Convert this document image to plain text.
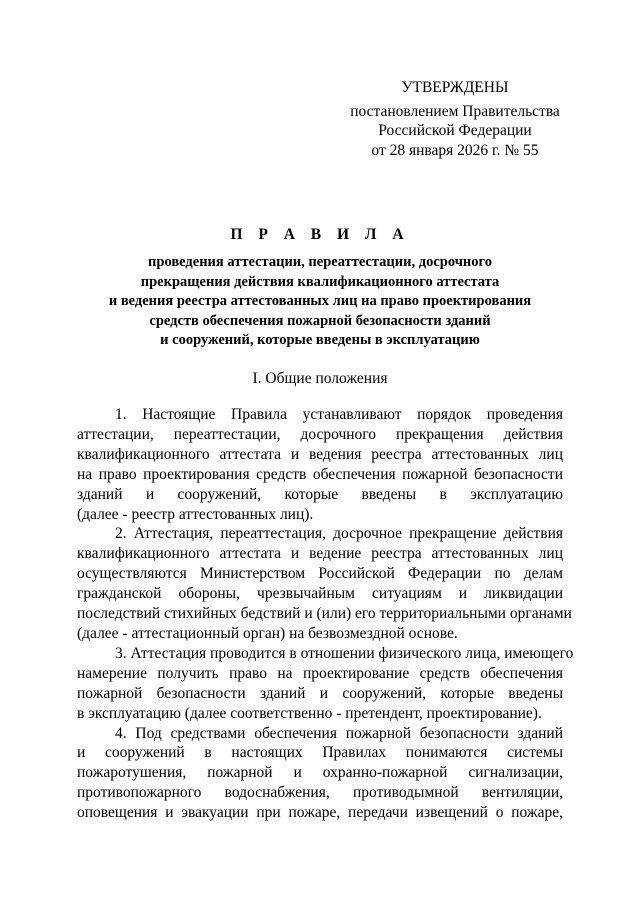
УТВЕРЖДЕНЫ
постановлением Правительства
Российской Федерации
от 28 января 2026 г. № 55
П Р А В И Л А
проведения аттестации, переаттестации, досрочного
прекращения действия квалификационного аттестата
и ведения реестра аттестованных лиц на право проектирования
средств обеспечения пожарной безопасности зданий
и сооружений, которые введены в эксплуатацию
I. Общие положения

1. Настоящие Правила устанавливают порядок проведения
аттестации, переаттестации, досрочного прекращения действия
квалификационного аттестата и ведения реестра аттестованных лиц
на право проектирования средств обеспечения пожарной безопасности
зданий и сооружений, которые введены в эксплуатацию
(далее - реестр аттестованных лиц).

2. Аттестация, переаттестация, досрочное прекращение действия
квалификационного аттестата и ведение реестра аттестованных лиц
осуществляются Министерством Российской Федерации по делам
гражданской обороны, чрезвычайным ситуациям и ликвидации
последствий стихийных бедствий и (или) его территориальными органами
(далее - аттестационный орган) на безвозмездной основе.

3. Аттестация проводится в отношении физического лица, имеющего
намерение получить право на проектирование средств обеспечения
пожарной безопасности зданий и сооружений, которые введены
в эксплуатацию (далее соответственно - претендент, проектирование).

4. Под средствами обеспечения пожарной безопасности зданий
и сооружений в настоящих Правилах понимаются системы
пожаротушения, пожарной и охранно-пожарной сигнализации,
противопожарного водоснабжения, противодымной вентиляции,
оповещения и эвакуации при пожаре, передачи извещений о пожаре,
